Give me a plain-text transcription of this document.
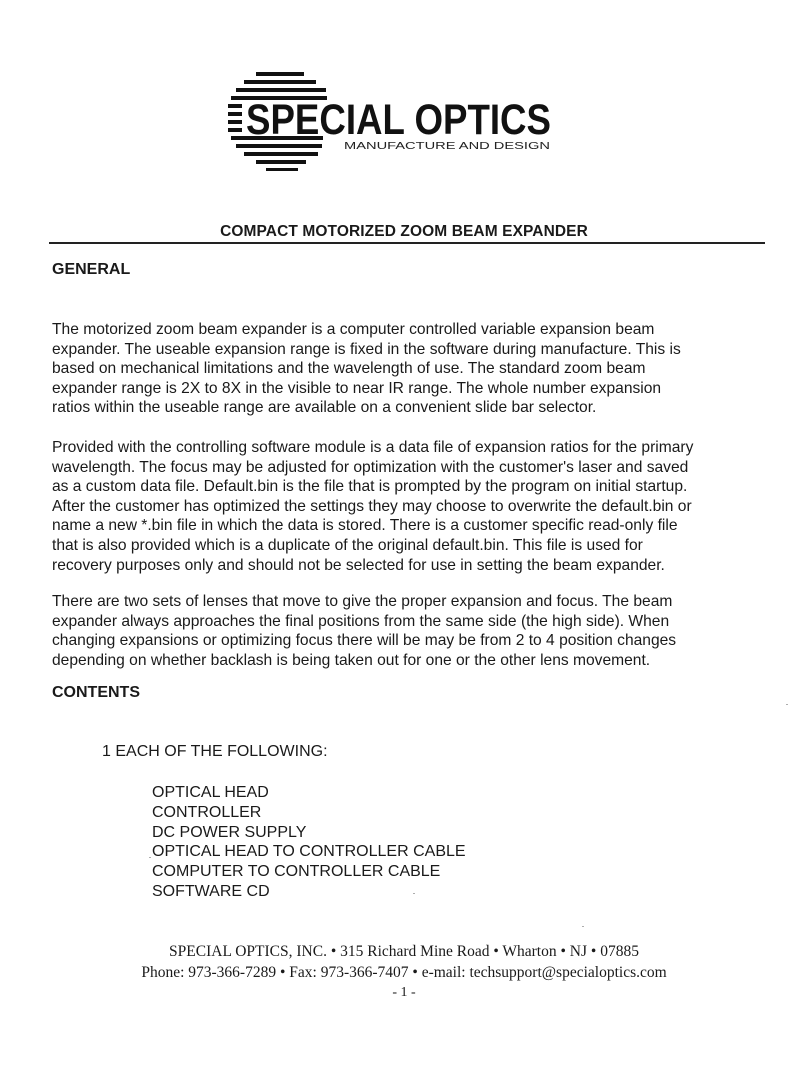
SPECIAL OPTICS
MANUFACTURE AND DESIGN
COMPACT MOTORIZED ZOOM BEAM EXPANDER
GENERAL

The motorized zoom beam expander is a computer controlled variable expansion beam
expander. The useable expansion range is fixed in the software during manufacture. This is
based on mechanical limitations and the wavelength of use. The standard zoom beam
expander range is 2X to 8X in the visible to near IR range. The whole number expansion
ratios within the useable range are available on a convenient slide bar selector.

Provided with the controlling software module is a data file of expansion ratios for the primary
wavelength. The focus may be adjusted for optimization with the customer's laser and saved
as a custom data file. Default.bin is the file that is prompted by the program on initial startup.
After the customer has optimized the settings they may choose to overwrite the default.bin or
name a new *.bin file in which the data is stored. There is a customer specific read-only file
that is also provided which is a duplicate of the original default.bin. This file is used for
recovery purposes only and should not be selected for use in setting the beam expander.

There are two sets of lenses that move to give the proper expansion and focus. The beam
expander always approaches the final positions from the same side (the high side). When
changing expansions or optimizing focus there will be may be from 2 to 4 position changes
depending on whether backlash is being taken out for one or the other lens movement.

CONTENTS
1 EACH OF THE FOLLOWING:
OPTICAL HEAD
CONTROLLER
DC POWER SUPPLY
OPTICAL HEAD TO CONTROLLER CABLE
COMPUTER TO CONTROLLER CABLE
SOFTWARE CD
SPECIAL OPTICS, INC. • 315 Richard Mine Road • Wharton • NJ • 07885
Phone: 973-366-7289 • Fax: 973-366-7407 • e-mail: techsupport@specialoptics.com
- 1 -
